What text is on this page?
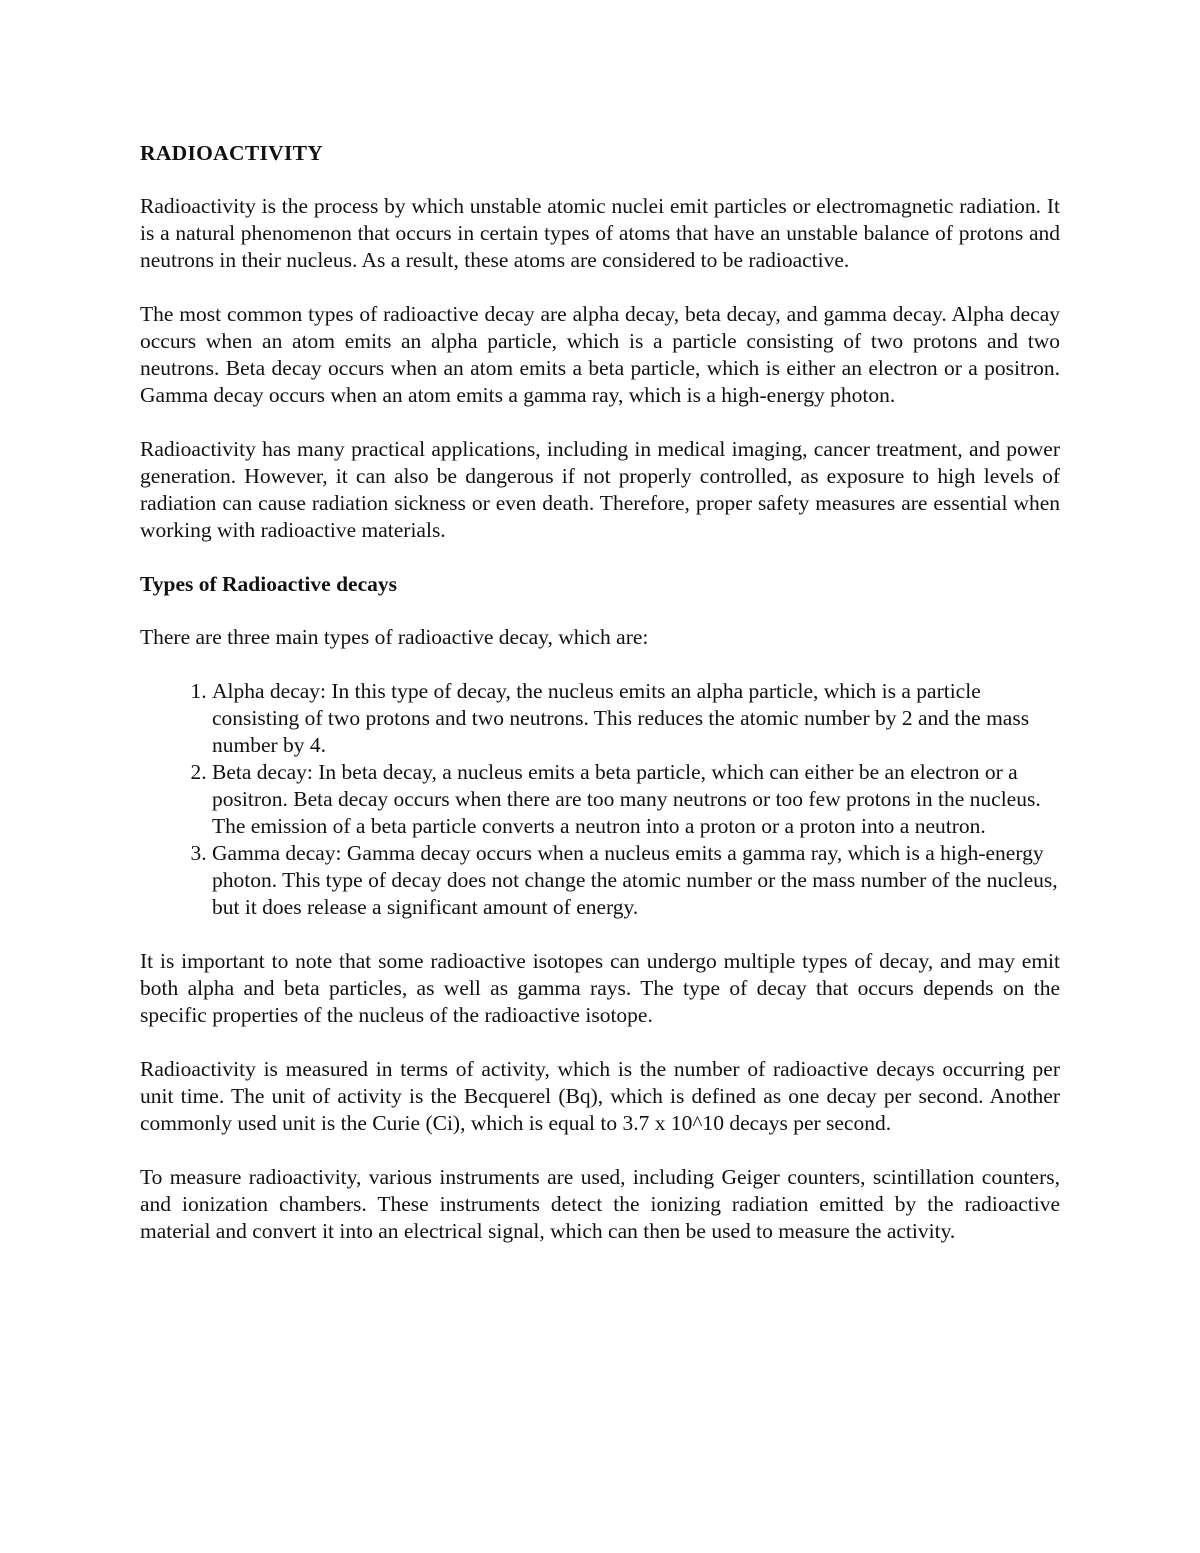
RADIOACTIVITY

Radioactivity is the process by which unstable atomic nuclei emit particles or electromagnetic radiation. It is a natural phenomenon that occurs in certain types of atoms that have an unstable balance of protons and neutrons in their nucleus. As a result, these atoms are considered to be radioactive.

The most common types of radioactive decay are alpha decay, beta decay, and gamma decay. Alpha decay occurs when an atom emits an alpha particle, which is a particle consisting of two protons and two neutrons. Beta decay occurs when an atom emits a beta particle, which is either an electron or a positron. Gamma decay occurs when an atom emits a gamma ray, which is a high-energy photon.

Radioactivity has many practical applications, including in medical imaging, cancer treatment, and power generation. However, it can also be dangerous if not properly controlled, as exposure to high levels of radiation can cause radiation sickness or even death. Therefore, proper safety measures are essential when working with radioactive materials.

Types of Radioactive decays

There are three main types of radioactive decay, which are:

1. Alpha decay: In this type of decay, the nucleus emits an alpha particle, which is a particle consisting of two protons and two neutrons. This reduces the atomic number by 2 and the mass number by 4.
2. Beta decay: In beta decay, a nucleus emits a beta particle, which can either be an electron or a positron. Beta decay occurs when there are too many neutrons or too few protons in the nucleus. The emission of a beta particle converts a neutron into a proton or a proton into a neutron.
3. Gamma decay: Gamma decay occurs when a nucleus emits a gamma ray, which is a high-energy photon. This type of decay does not change the atomic number or the mass number of the nucleus, but it does release a significant amount of energy.

It is important to note that some radioactive isotopes can undergo multiple types of decay, and may emit both alpha and beta particles, as well as gamma rays. The type of decay that occurs depends on the specific properties of the nucleus of the radioactive isotope.

Radioactivity is measured in terms of activity, which is the number of radioactive decays occurring per unit time. The unit of activity is the Becquerel (Bq), which is defined as one decay per second. Another commonly used unit is the Curie (Ci), which is equal to 3.7 x 10^10 decays per second.

To measure radioactivity, various instruments are used, including Geiger counters, scintillation counters, and ionization chambers. These instruments detect the ionizing radiation emitted by the radioactive material and convert it into an electrical signal, which can then be used to measure the activity.
